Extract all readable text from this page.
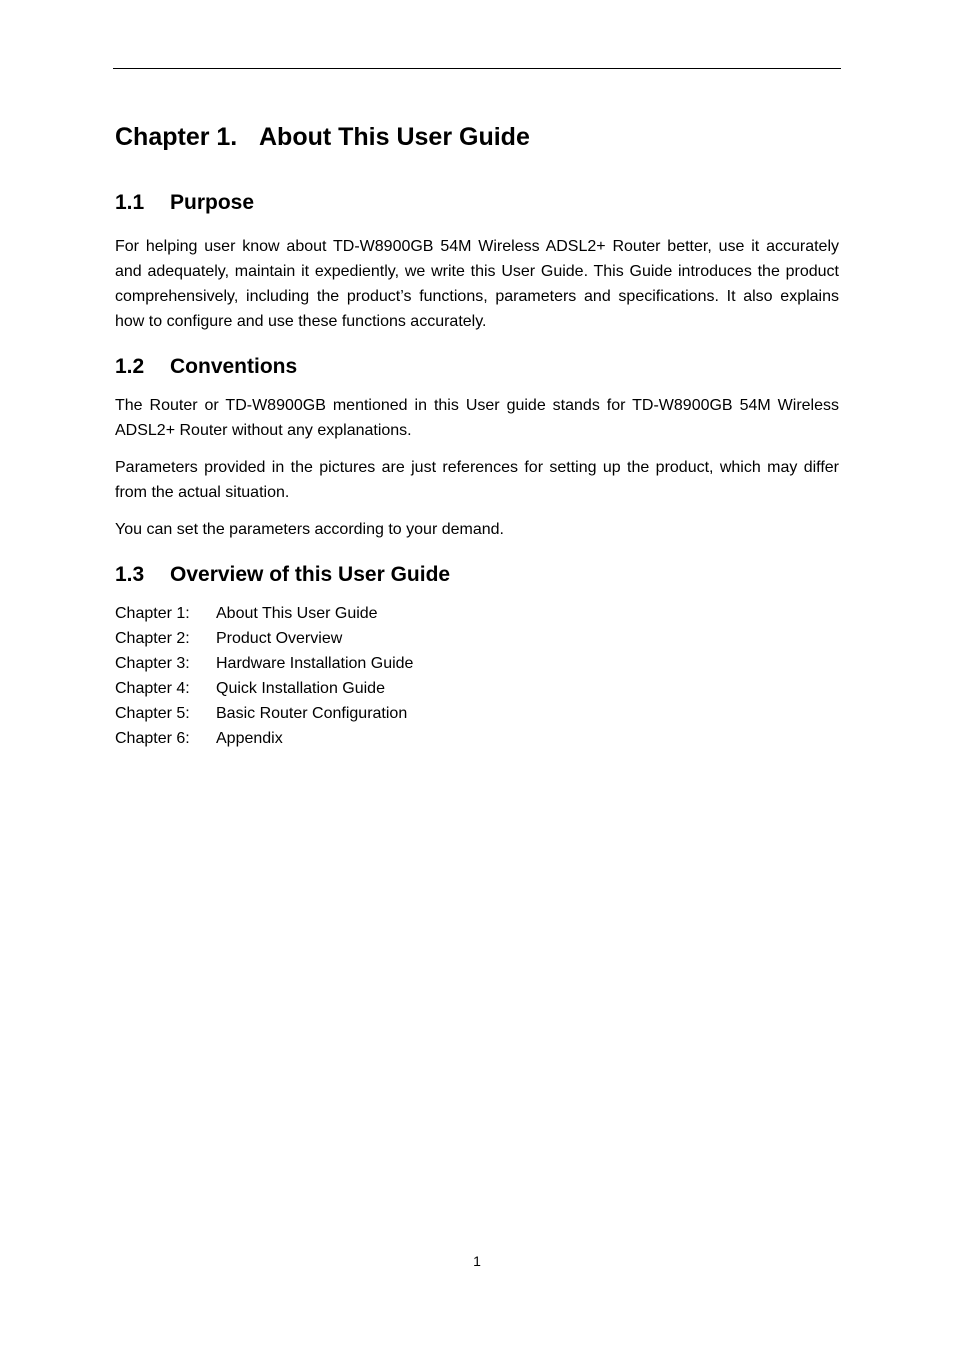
Chapter 1. About This User Guide
1.1 Purpose

For helping user know about TD-W8900GB 54M Wireless ADSL2+ Router better, use it accurately and adequately, maintain it expediently, we write this User Guide. This Guide introduces the product comprehensively, including the product’s functions, parameters and specifications. It also explains how to configure and use these functions accurately.

1.2 Conventions

The Router or TD-W8900GB mentioned in this User guide stands for TD-W8900GB 54M Wireless ADSL2+ Router without any explanations.

Parameters provided in the pictures are just references for setting up the product, which may differ from the actual situation.

You can set the parameters according to your demand.

1.3 Overview of this User Guide
Chapter 1: About This User Guide
Chapter 2: Product Overview
Chapter 3: Hardware Installation Guide
Chapter 4: Quick Installation Guide
Chapter 5: Basic Router Configuration
Chapter 6: Appendix
1
